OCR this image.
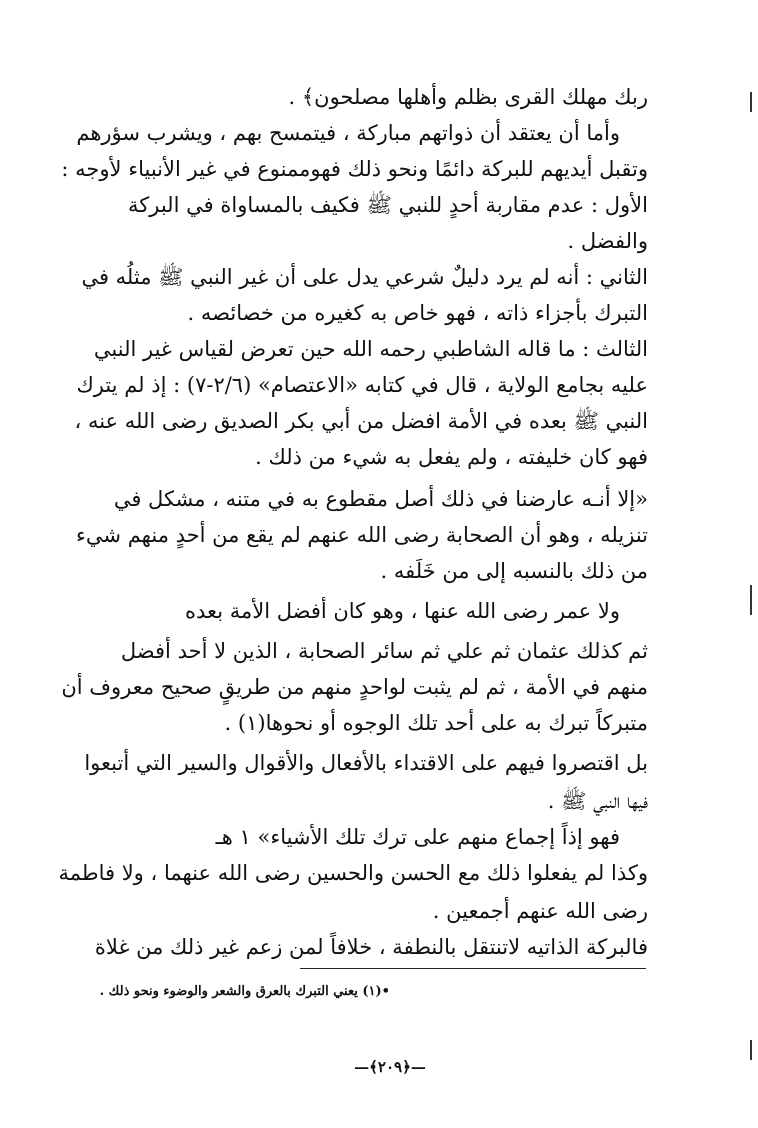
ربك مهلك القرى بظلم وأهلها مصلحون﴾ .
وأما أن يعتقد أن ذواتهم مباركة ، فيتمسح بهم ، ويشرب سؤرهم
وتقبل أيديهم للبركة دائمًا ونحو ذلك فهوممنوع في غير الأنبياء لأوجه :
الأول : عدم مقاربة أحدٍ للنبي ﷺ فكيف بالمساواة في البركة
والفضل .
الثاني : أنه لم يرد دليلٌ شرعي يدل على أن غير النبي ﷺ مثلُه في
التبرك بأجزاء ذاته ، فهو خاص به كغيره من خصائصه .
الثالث : ما قاله الشاطبي رحمه الله حين تعرض لقياس غير النبي
عليه بجامع الولاية ، قال في كتابه «الاعتصام» (٢/٦-٧) : إذ لم يترك
النبي ﷺ بعده في الأمة افضل من أبي بكر الصديق رضى الله عنه ،
فهو كان خليفته ، ولم يفعل به شيء من ذلك .
«إلا أنـه عارضنا في ذلك أصل مقطوع به في متنه ، مشكل في
تنزيله ، وهو أن الصحابة رضى الله عنهم لم يقع من أحدٍ منهم شيء
من ذلك بالنسبه إلى من خَلَفه .
ولا عمر رضى الله عنها ، وهو كان أفضل الأمة بعده
ثم كذلك عثمان ثم علي ثم سائر الصحابة ، الذين لا أحد أفضل
منهم في الأمة ، ثم لم يثبت لواحدٍ منهم من طريقٍ صحيح معروف أن
متبركاً تبرك به على أحد تلك الوجوه أو نحوها(١) .
بل اقتصروا فيهم على الاقتداء بالأفعال والأقوال والسير التي أتبعوا
فيها النبي ﷺ .
فهو إذاً إجماع منهم على ترك تلك الأشياء» ١ هـ
وكذا لم يفعلوا ذلك مع الحسن والحسين رضى الله عنهما ، ولا فاطمة
رضى الله عنهم أجمعين .
فالبركة الذاتيه لاتنتقل بالنطفة ، خلافاً لمن زعم غير ذلك من غلاة
•(١) يعني التبرك بالعرق والشعر والوضوء ونحو ذلك .
—﴿٢٠٩﴾—
